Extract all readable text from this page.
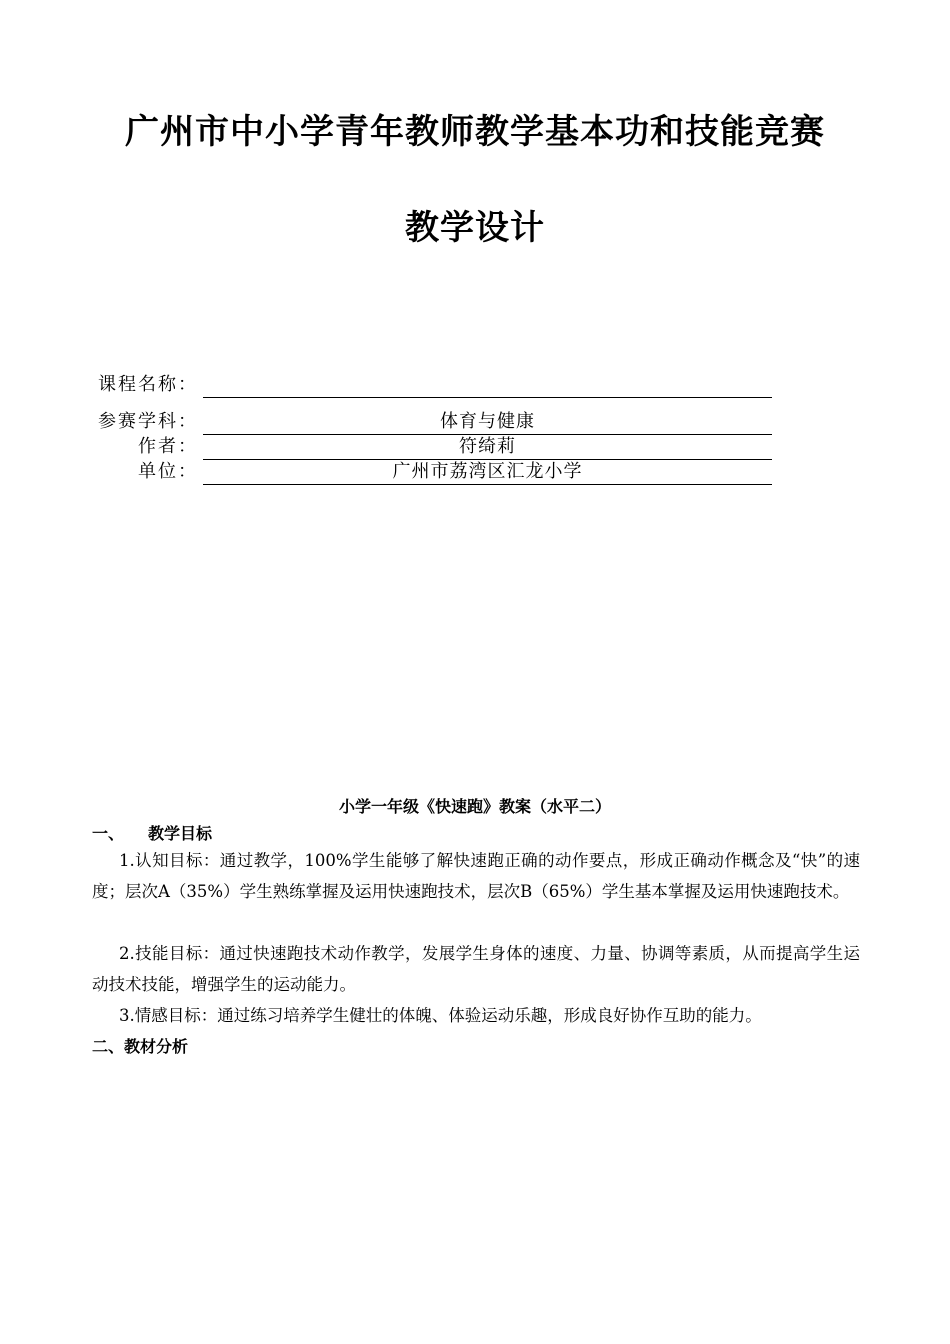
广州市中小学青年教师教学基本功和技能竞赛
教学设计
课程名称：
参赛学科：	体育与健康
作者：	符绮莉
单位：	广州市荔湾区汇龙小学
小学一年级《快速跑》教案（水平二）
一、 教学目标

1.认知目标：通过教学，100%学生能够了解快速跑正确的动作要点，形成正确动作概念及“快”的速度；层次A（35%）学生熟练掌握及运用快速跑技术，层次B（65%）学生基本掌握及运用快速跑技术。

2.技能目标：通过快速跑技术动作教学，发展学生身体的速度、力量、协调等素质，从而提高学生运动技术技能，增强学生的运动能力。

3.情感目标：通过练习培养学生健壮的体魄、体验运动乐趣，形成良好协作互助的能力。

二、教材分析
